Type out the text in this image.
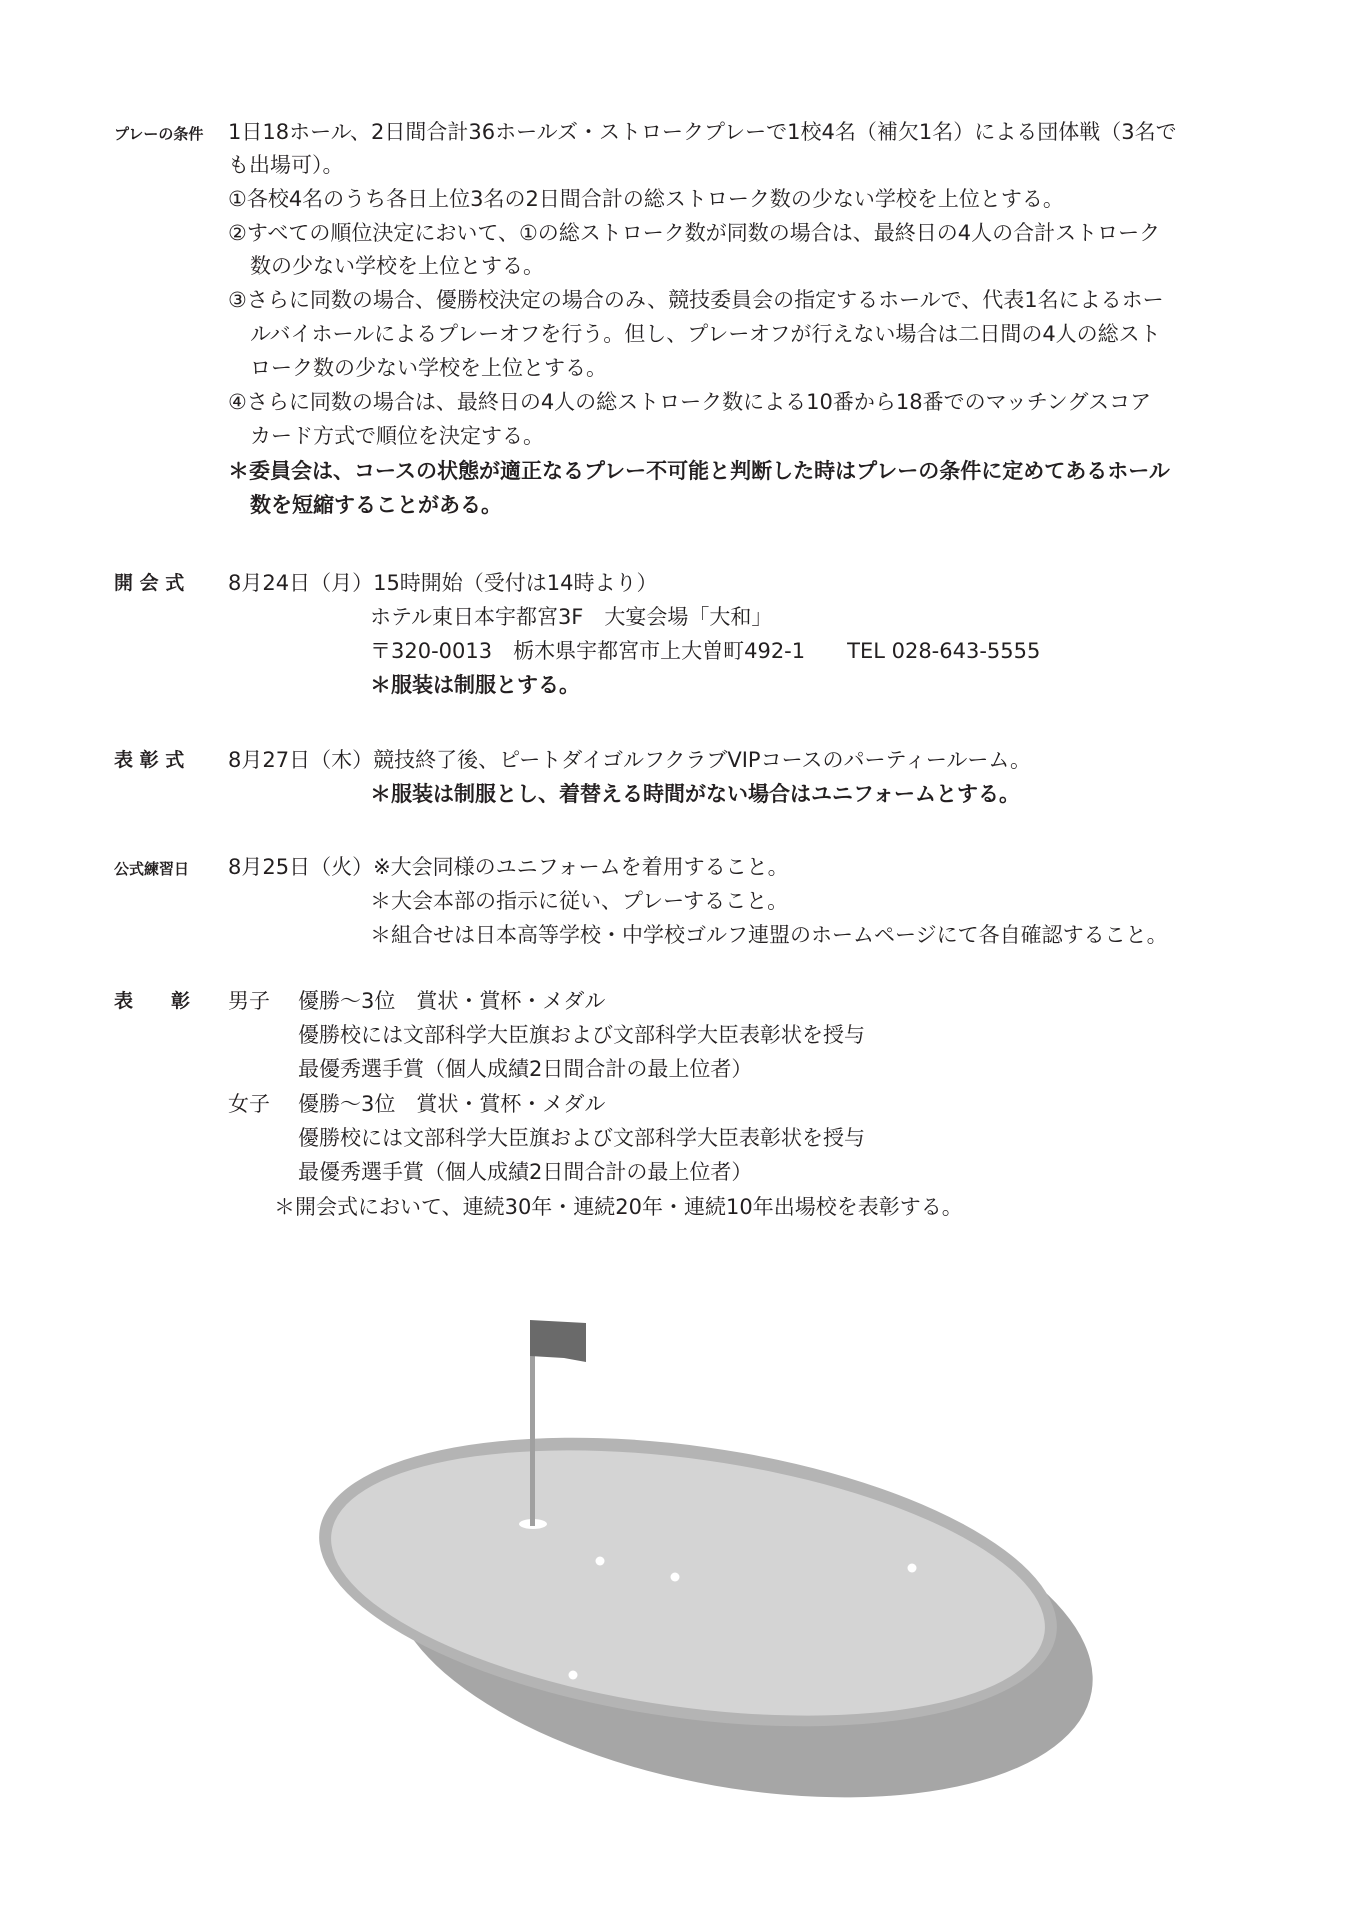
プレーの条件 1日18ホール、2日間合計36ホールズ・ストロークプレーで1校4名（補欠1名）による団体戦（3名で
も出場可）。
①各校4名のうち各日上位3名の2日間合計の総ストローク数の少ない学校を上位とする。
②すべての順位決定において、①の総ストローク数が同数の場合は、最終日の4人の合計ストローク
数の少ない学校を上位とする。
③さらに同数の場合、優勝校決定の場合のみ、競技委員会の指定するホールで、代表1名によるホー
ルバイホールによるプレーオフを行う。但し、プレーオフが行えない場合は二日間の4人の総スト
ローク数の少ない学校を上位とする。
④さらに同数の場合は、最終日の4人の総ストローク数による10番から18番でのマッチングスコア
カード方式で順位を決定する。
＊委員会は、コースの状態が適正なるプレー不可能と判断した時はプレーの条件に定めてあるホール
数を短縮することがある。
開 会 式 8月24日（月）15時開始（受付は14時より）
ホテル東日本宇都宮3F　大宴会場「大和」
〒320-0013　栃木県宇都宮市上大曽町492-1　　TEL 028-643-5555
＊服装は制服とする。
表 彰 式 8月27日（木）競技終了後、ピートダイゴルフクラブVIPコースのパーティールーム。
＊服装は制服とし、着替える時間がない場合はユニフォームとする。
公式練習日 8月25日（火）※大会同様のユニフォームを着用すること。
＊大会本部の指示に従い、プレーすること。
＊組合せは日本高等学校・中学校ゴルフ連盟のホームページにて各自確認すること。
表　　彰 男子 優勝〜3位　賞状・賞杯・メダル
優勝校には文部科学大臣旗および文部科学大臣表彰状を授与
最優秀選手賞（個人成績2日間合計の最上位者）
女子 優勝〜3位　賞状・賞杯・メダル
優勝校には文部科学大臣旗および文部科学大臣表彰状を授与
最優秀選手賞（個人成績2日間合計の最上位者）
＊開会式において、連続30年・連続20年・連続10年出場校を表彰する。
